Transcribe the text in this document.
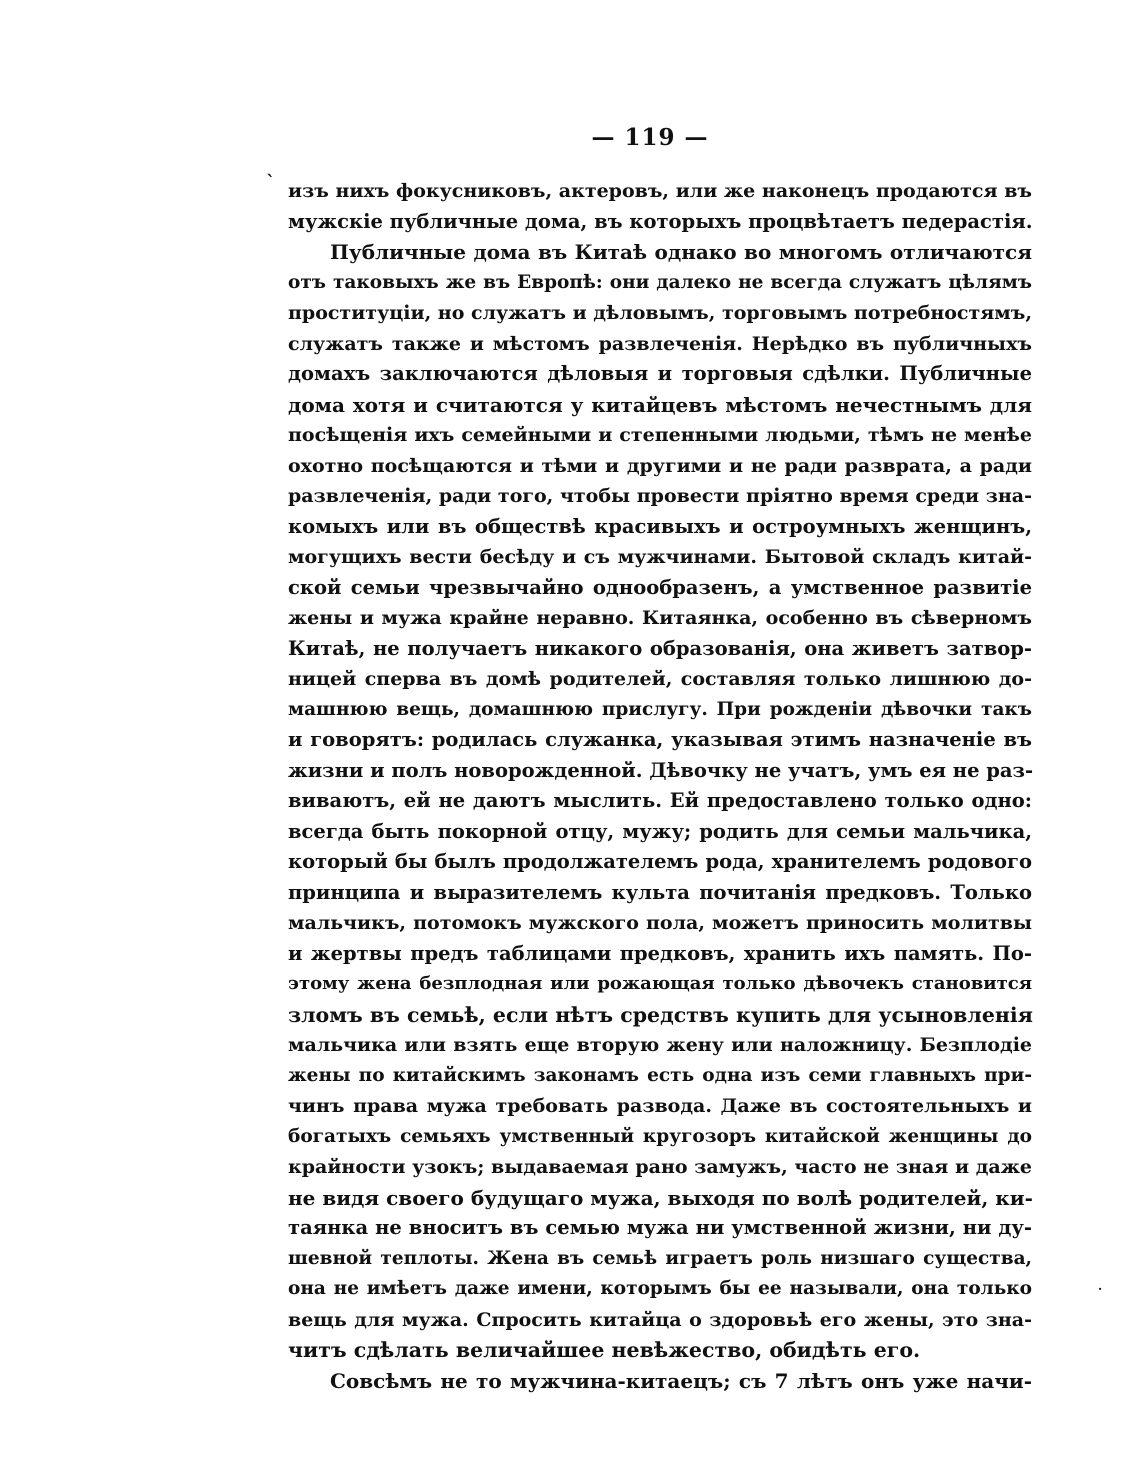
ˋ
·
— 119 —
изъ нихъ фокусниковъ, актеровъ, или же наконецъ продаются въ
мужскіе публичные дома, въ которыхъ процвѣтаетъ педерастія.
Публичные дома въ Китаѣ однако во многомъ отличаются
отъ таковыхъ же въ Европѣ: они далеко не всегда служатъ цѣлямъ
проституціи, но служатъ и дѣловымъ, торговымъ потребностямъ,
служатъ также и мѣстомъ развлеченія. Нерѣдко въ публичныхъ
домахъ заключаются дѣловыя и торговыя сдѣлки. Публичные
дома хотя и считаются у китайцевъ мѣстомъ нечестнымъ для
посѣщенія ихъ семейными и степенными людьми, тѣмъ не менѣе
охотно посѣщаются и тѣми и другими и не ради разврата, а ради
развлеченія, ради того, чтобы провести пріятно время среди зна-
комыхъ или въ обществѣ красивыхъ и остроумныхъ женщинъ,
могущихъ вести бесѣду и съ мужчинами. Бытовой складъ китай-
ской семьи чрезвычайно однообразенъ, а умственное развитіе
жены и мужа крайне неравно. Китаянка, особенно въ сѣверномъ
Китаѣ, не получаетъ никакого образованія, она живетъ затвор-
ницей сперва въ домѣ родителей, составляя только лишнюю до-
машнюю вещь, домашнюю прислугу. При рожденіи дѣвочки такъ
и говорятъ: родилась служанка, указывая этимъ назначеніе въ
жизни и полъ новорожденной. Дѣвочку не учатъ, умъ ея не раз-
виваютъ, ей не даютъ мыслить. Ей предоставлено только одно:
всегда быть покорной отцу, мужу; родить для семьи мальчика,
который бы былъ продолжателемъ рода, хранителемъ родового
принципа и выразителемъ культа почитанія предковъ. Только
мальчикъ, потомокъ мужского пола, можетъ приносить молитвы
и жертвы предъ таблицами предковъ, хранить ихъ память. По-
этому жена безплодная или рожающая только дѣвочекъ становится
зломъ въ семьѣ, если нѣтъ средствъ купить для усыновленія
мальчика или взять еще вторую жену или наложницу. Безплодіе
жены по китайскимъ законамъ есть одна изъ семи главныхъ при-
чинъ права мужа требовать развода. Даже въ состоятельныхъ и
богатыхъ семьяхъ умственный кругозоръ китайской женщины до
крайности узокъ; выдаваемая рано замужъ, часто не зная и даже
не видя своего будущаго мужа, выходя по волѣ родителей, ки-
таянка не вноситъ въ семью мужа ни умственной жизни, ни ду-
шевной теплоты. Жена въ семьѣ играетъ роль низшаго существа,
она не имѣетъ даже имени, которымъ бы ее называли, она только
вещь для мужа. Спросить китайца о здоровьѣ его жены, это зна-
читъ сдѣлать величайшее невѣжество, обидѣть его.
Совсѣмъ не то мужчина-китаецъ; съ 7 лѣтъ онъ уже начи-
